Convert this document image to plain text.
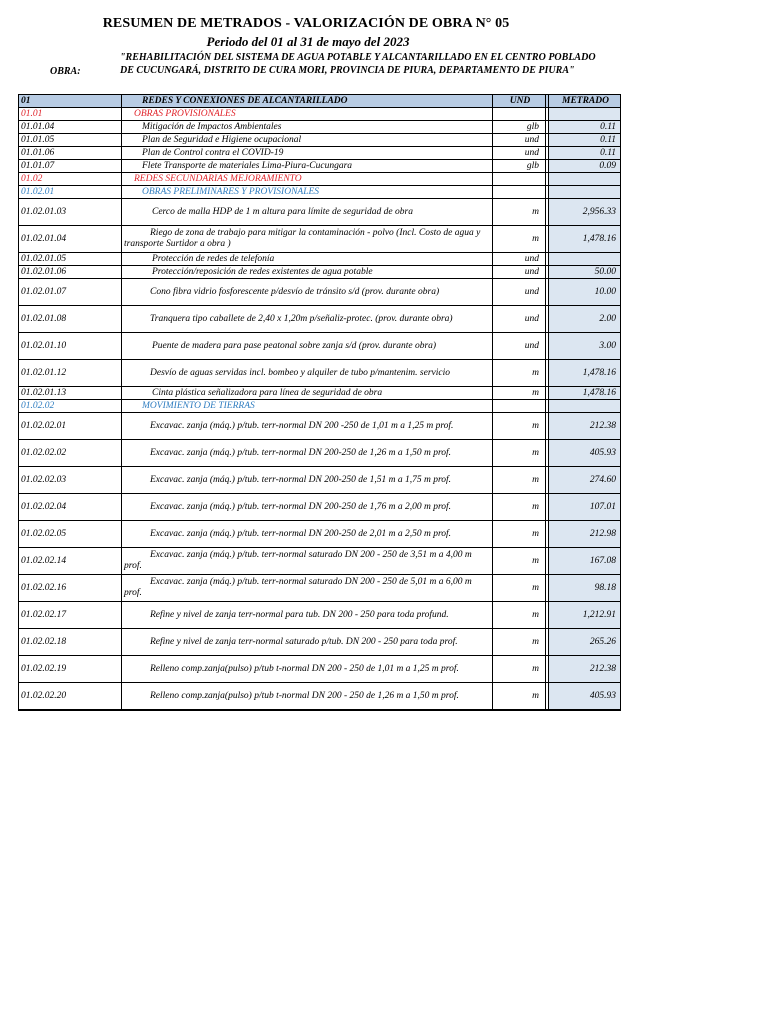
RESUMEN DE METRADOS - VALORIZACIÓN DE OBRA N° 05
Periodo del 01 al 31 de mayo del 2023
OBRA:
"REHABILITACIÓN DEL SISTEMA DE AGUA POTABLE Y ALCANTARILLADO EN EL CENTRO POBLADO DE CUCUNGARÁ, DISTRITO DE CURA MORI, PROVINCIA DE PIURA, DEPARTAMENTO DE PIURA"
01	REDES Y CONEXIONES DE ALCANTARILLADO	UND		METRADO
01.01	OBRAS PROVISIONALES			

01.01.04	Mitigación de Impactos Ambientales	glb		0.11
01.01.05	Plan de Seguridad e Higiene ocupacional	und		0.11
01.01.06	Plan de Control contra el COVID-19	und		0.11
01.01.07	Flete Transporte de materiales Lima-Piura-Cucungara	glb		0.09
01.02	REDES SECUNDARIAS MEJORAMIENTO			

01.02.01	OBRAS PRELIMINARES Y PROVISIONALES			

01.02.01.03	Cerco de malla HDP de 1 m altura para límite de seguridad de obra	m		2,956.33
01.02.01.04	Riego de zona de trabajo para mitigar la contaminación - polvo (Incl. Costo de agua y transporte Surtidor a obra )	m		1,478.16
01.02.01.05	Protección de redes de telefonía	und		
01.02.01.06	Protección/reposición de redes existentes de agua potable	und		50.00
01.02.01.07	Cono fibra vidrio fosforescente p/desvío de tránsito s/d (prov. durante obra)	und		10.00
01.02.01.08	Tranquera tipo caballete de 2,40 x 1,20m p/señaliz-protec. (prov. durante obra)	und		2.00
01.02.01.10	Puente de madera para pase peatonal sobre zanja s/d (prov. durante obra)	und		3.00
01.02.01.12	Desvío de aguas servidas incl. bombeo y alquiler de tubo p/mantenim. servicio	m		1,478.16
01.02.01.13	Cinta plástica señalizadora para línea de seguridad de obra	m		1,478.16
01.02.02	MOVIMIENTO DE TIERRAS			

01.02.02.01	Excavac. zanja (máq.) p/tub. terr-normal DN 200 -250 de 1,01 m a 1,25 m prof.	m		212.38
01.02.02.02	Excavac. zanja (máq.) p/tub. terr-normal DN 200-250 de 1,26 m a 1,50 m prof.	m		405.93
01.02.02.03	Excavac. zanja (máq.) p/tub. terr-normal DN 200-250 de 1,51 m a 1,75 m prof.	m		274.60
01.02.02.04	Excavac. zanja (máq.) p/tub. terr-normal DN 200-250 de 1,76 m a 2,00 m prof.	m		107.01
01.02.02.05	Excavac. zanja (máq.) p/tub. terr-normal DN 200-250 de 2,01 m a 2,50 m prof.	m		212.98
01.02.02.14	Excavac. zanja (máq.) p/tub. terr-normal saturado DN 200 - 250 de 3,51 m a 4,00 m prof.	m		167.08
01.02.02.16	Excavac. zanja (máq.) p/tub. terr-normal saturado DN 200 - 250 de 5,01 m a 6,00 m prof.	m		98.18
01.02.02.17	Refine y nivel de zanja terr-normal para tub. DN 200 - 250 para toda profund.	m		1,212.91
01.02.02.18	Refine y nivel de zanja terr-normal saturado p/tub. DN 200 - 250 para toda prof.	m		265.26
01.02.02.19	Relleno comp.zanja(pulso) p/tub t-normal DN 200 - 250 de 1,01 m a 1,25 m prof.	m		212.38
01.02.02.20	Relleno comp.zanja(pulso) p/tub t-normal DN 200 - 250 de 1,26 m a 1,50 m prof.	m		405.93
